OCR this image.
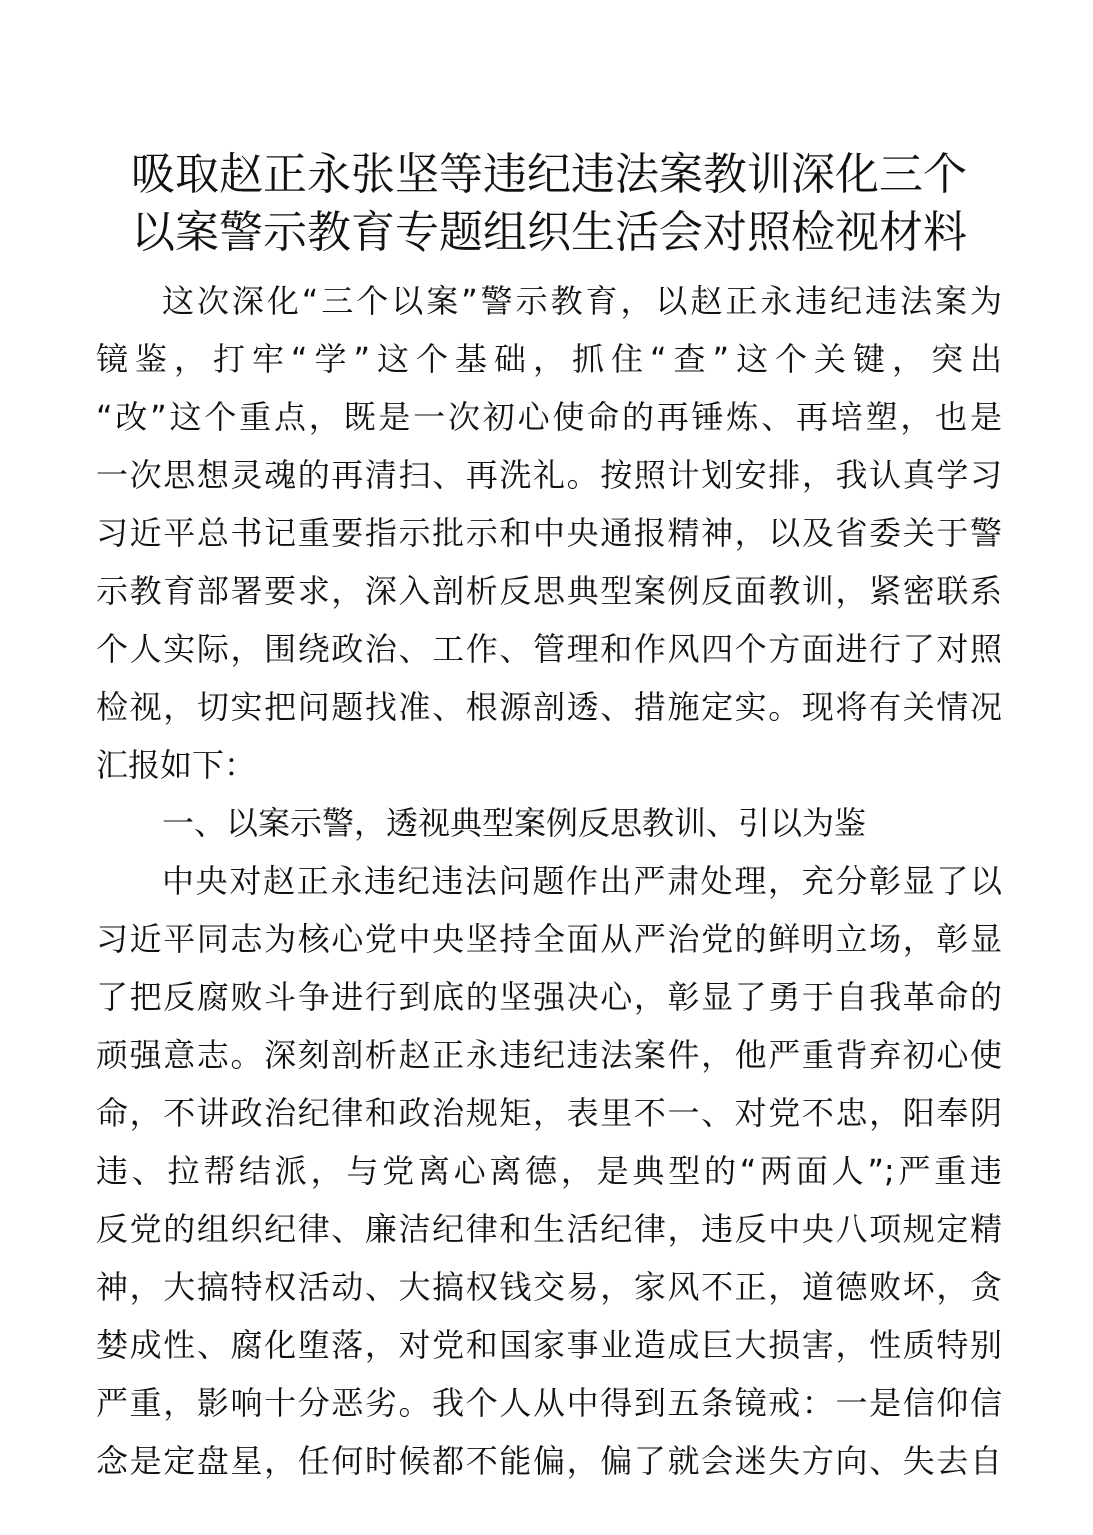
吸取赵正永张坚等违纪违法案教训深化三个
以案警示教育专题组织生活会对照检视材料
这次深化“三个以案”警示教育，以赵正永违纪违法案为
镜鉴，打牢“学”这个基础，抓住“查”这个关键，突出
“改”这个重点，既是一次初心使命的再锤炼、再培塑，也是
一次思想灵魂的再清扫、再洗礼。按照计划安排，我认真学习
习近平总书记重要指示批示和中央通报精神，以及省委关于警
示教育部署要求，深入剖析反思典型案例反面教训，紧密联系
个人实际，围绕政治、工作、管理和作风四个方面进行了对照
检视，切实把问题找准、根源剖透、措施定实。现将有关情况
汇报如下：
一、以案示警，透视典型案例反思教训、引以为鉴
中央对赵正永违纪违法问题作出严肃处理，充分彰显了以
习近平同志为核心党中央坚持全面从严治党的鲜明立场，彰显
了把反腐败斗争进行到底的坚强决心，彰显了勇于自我革命的
顽强意志。深刻剖析赵正永违纪违法案件，他严重背弃初心使
命，不讲政治纪律和政治规矩，表里不一、对党不忠，阳奉阴
违、拉帮结派，与党离心离德，是典型的“两面人”;严重违
反党的组织纪律、廉洁纪律和生活纪律，违反中央八项规定精
神，大搞特权活动、大搞权钱交易，家风不正，道德败坏，贪
婪成性、腐化堕落，对党和国家事业造成巨大损害，性质特别
严重，影响十分恶劣。我个人从中得到五条镜戒：一是信仰信
念是定盘星，任何时候都不能偏，偏了就会迷失方向、失去自
